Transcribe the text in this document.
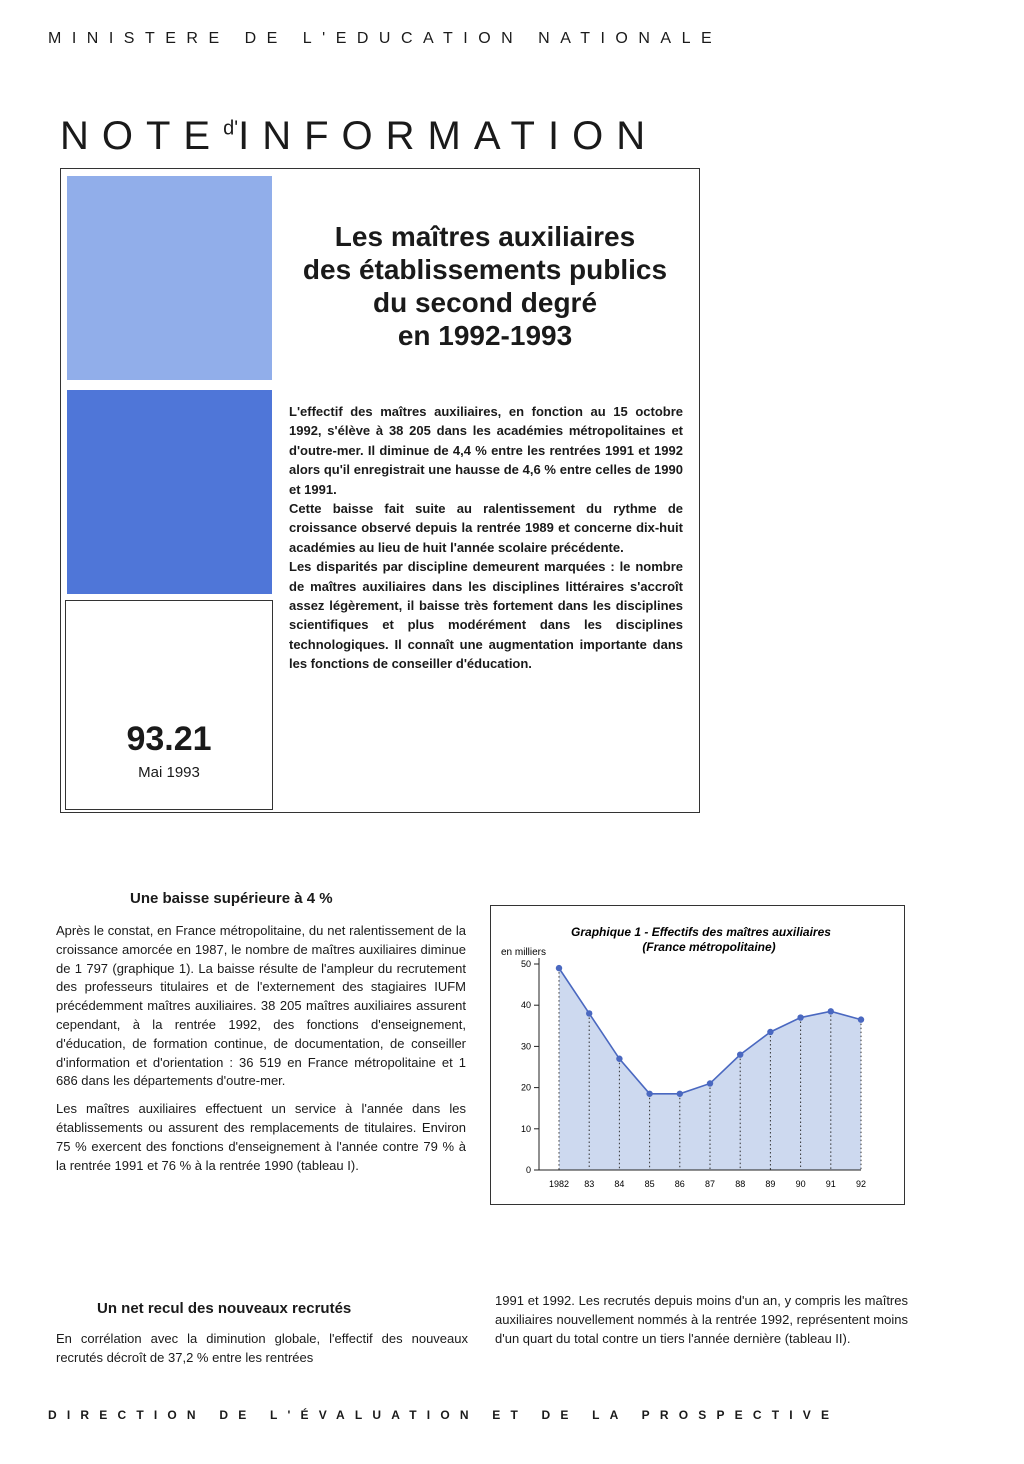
MINISTERE DE L'EDUCATION NATIONALE
$NOTE^{d'}INFORMATION$
93.21
Mai 1993
Les maîtres auxiliaires
des établissements publics
du second degré
en 1992-1993

L'effectif des maîtres auxiliaires, en fonction au 15 octobre 1992, s'élève à 38 205 dans les académies métropolitaines et d'outre-mer. Il diminue de 4,4 % entre les rentrées 1991 et 1992 alors qu'il enregistrait une hausse de 4,6 % entre celles de 1990 et 1991.

Cette baisse fait suite au ralentissement du rythme de croissance observé depuis la rentrée 1989 et concerne dix-huit académies au lieu de huit l'année scolaire précédente.

Les disparités par discipline demeurent marquées : le nombre de maîtres auxiliaires dans les disciplines littéraires s'accroît assez légèrement, il baisse très fortement dans les disciplines scientifiques et plus modérément dans les disciplines technologiques. Il connaît une augmentation importante dans les fonctions de conseiller d'éducation.

Une baisse supérieure à 4 %

Après le constat, en France métropolitaine, du net ralentissement de la croissance amorcée en 1987, le nombre de maîtres auxiliaires diminue de 1 797 (graphique 1). La baisse résulte de l'ampleur du recrutement des professeurs titulaires et de l'externement des stagiaires IUFM précédemment maîtres auxiliaires. 38 205 maîtres auxiliaires assurent cependant, à la rentrée 1992, des fonctions d'enseignement, d'éducation, de formation continue, de documentation, de conseiller d'information et d'orientation : 36 519 en France métropolitaine et 1 686 dans les départements d'outre-mer.

Les maîtres auxiliaires effectuent un service à l'année dans les établissements ou assurent des remplacements de titulaires. Environ 75 % exercent des fonctions d'enseignement à l'année contre 79 % à la rentrée 1991 et 76 % à la rentrée 1990 (tableau I).

Graphique 1 - Effectifs des maîtres auxiliaires
(France métropolitaine)
en milliers
0
10
20
30
40
50
1982 83 84 85 86 87 88 89 90 91 92
Un net recul des nouveaux recrutés
En corrélation avec la diminution globale, l'effectif des nouveaux recrutés décroît de 37,2 % entre les rentrées
1991 et 1992. Les recrutés depuis moins d'un an, y compris les maîtres auxiliaires nouvellement nommés à la rentrée 1992, représentent moins d'un quart du total contre un tiers l'année dernière (tableau II).
DIRECTION DE L'ÉVALUATION ET DE LA PROSPECTIVE
